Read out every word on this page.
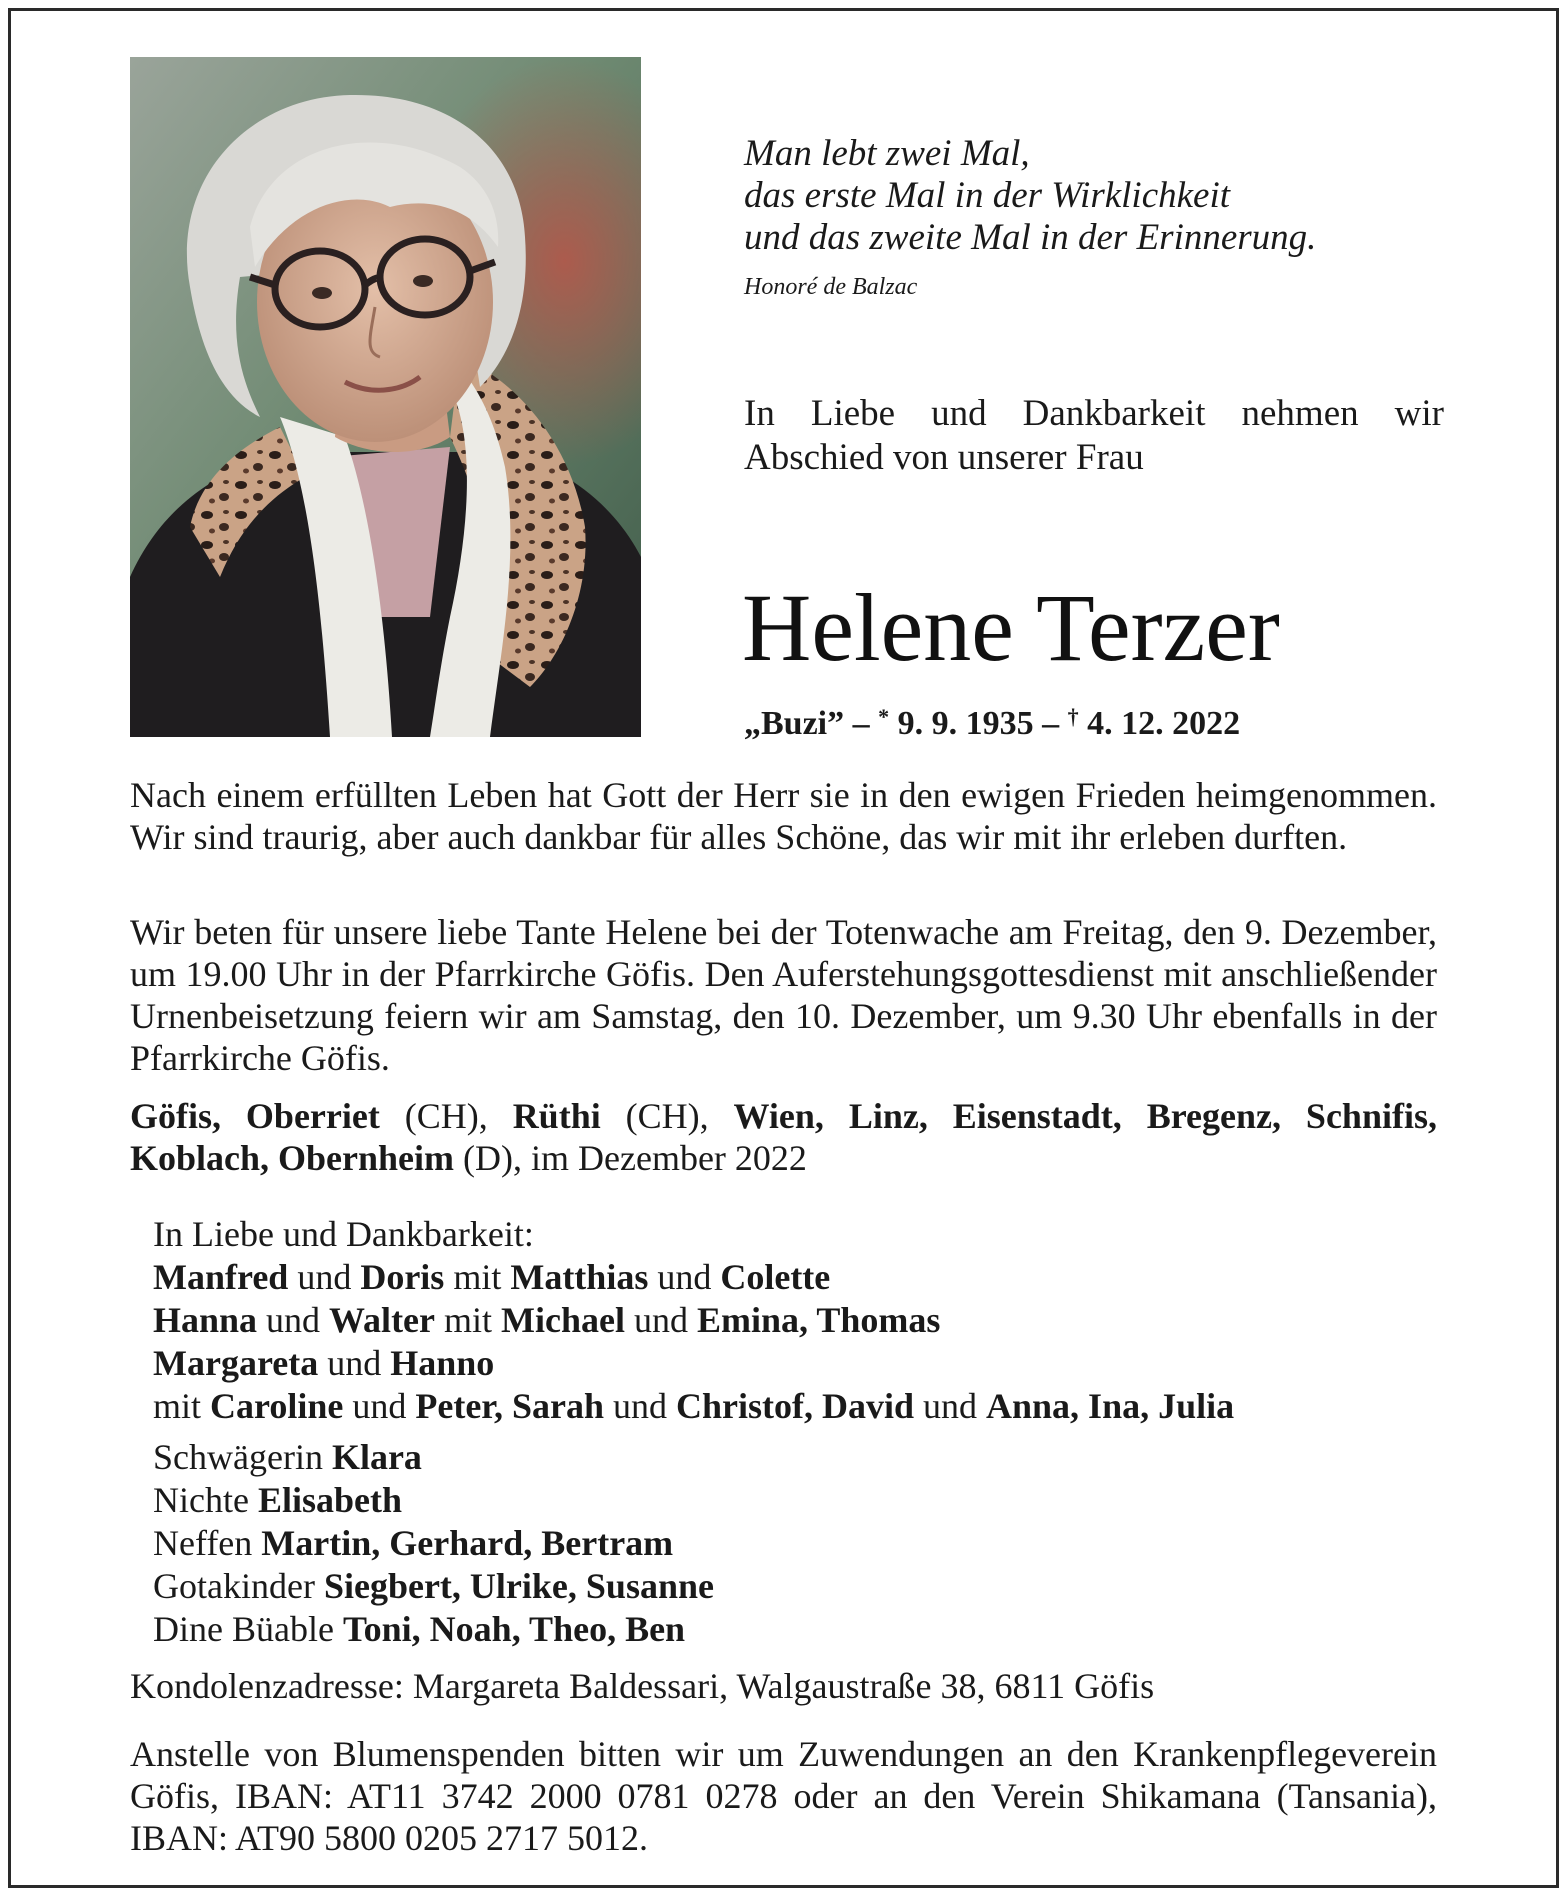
Man lebt zwei Mal,
das erste Mal in der Wirklichkeit
und das zweite Mal in der Erinnerung.
Honoré de Balzac
In Liebe und Dankbarkeit nehmen wir Abschied von unserer Frau
Helene Terzer
„Buzi” – * 9. 9. 1935 – † 4. 12. 2022
Nach einem erfüllten Leben hat Gott der Herr sie in den ewigen Frieden heimgenommen. Wir sind traurig, aber auch dankbar für alles Schöne, das wir mit ihr erleben durften.
Wir beten für unsere liebe Tante Helene bei der Totenwache am Freitag, den 9. Dezember, um 19.00 Uhr in der Pfarrkirche Göfis. Den Auferstehungsgottesdienst mit anschließender Urnenbeisetzung feiern wir am Samstag, den 10. Dezember, um 9.30 Uhr ebenfalls in der Pfarrkirche Göfis.
Göfis, Oberriet (CH), Rüthi (CH), Wien, Linz, Eisenstadt, Bregenz, Schnifis, Koblach, Obernheim (D), im Dezember 2022
In Liebe und Dankbarkeit:
Manfred und Doris mit Matthias und Colette
Hanna und Walter mit Michael und Emina, Thomas
Margareta und Hanno
mit Caroline und Peter, Sarah und Christof, David und Anna, Ina, Julia
Schwägerin Klara
Nichte Elisabeth
Neffen Martin, Gerhard, Bertram
Gotakinder Siegbert, Ulrike, Susanne
Dine Büable Toni, Noah, Theo, Ben
Kondolenzadresse: Margareta Baldessari, Walgaustraße 38, 6811 Göfis
Anstelle von Blumenspenden bitten wir um Zuwendungen an den Krankenpflegeverein Göfis, IBAN: AT11 3742 2000 0781 0278 oder an den Verein Shikamana (Tansania), IBAN: AT90 5800 0205 2717 5012.
